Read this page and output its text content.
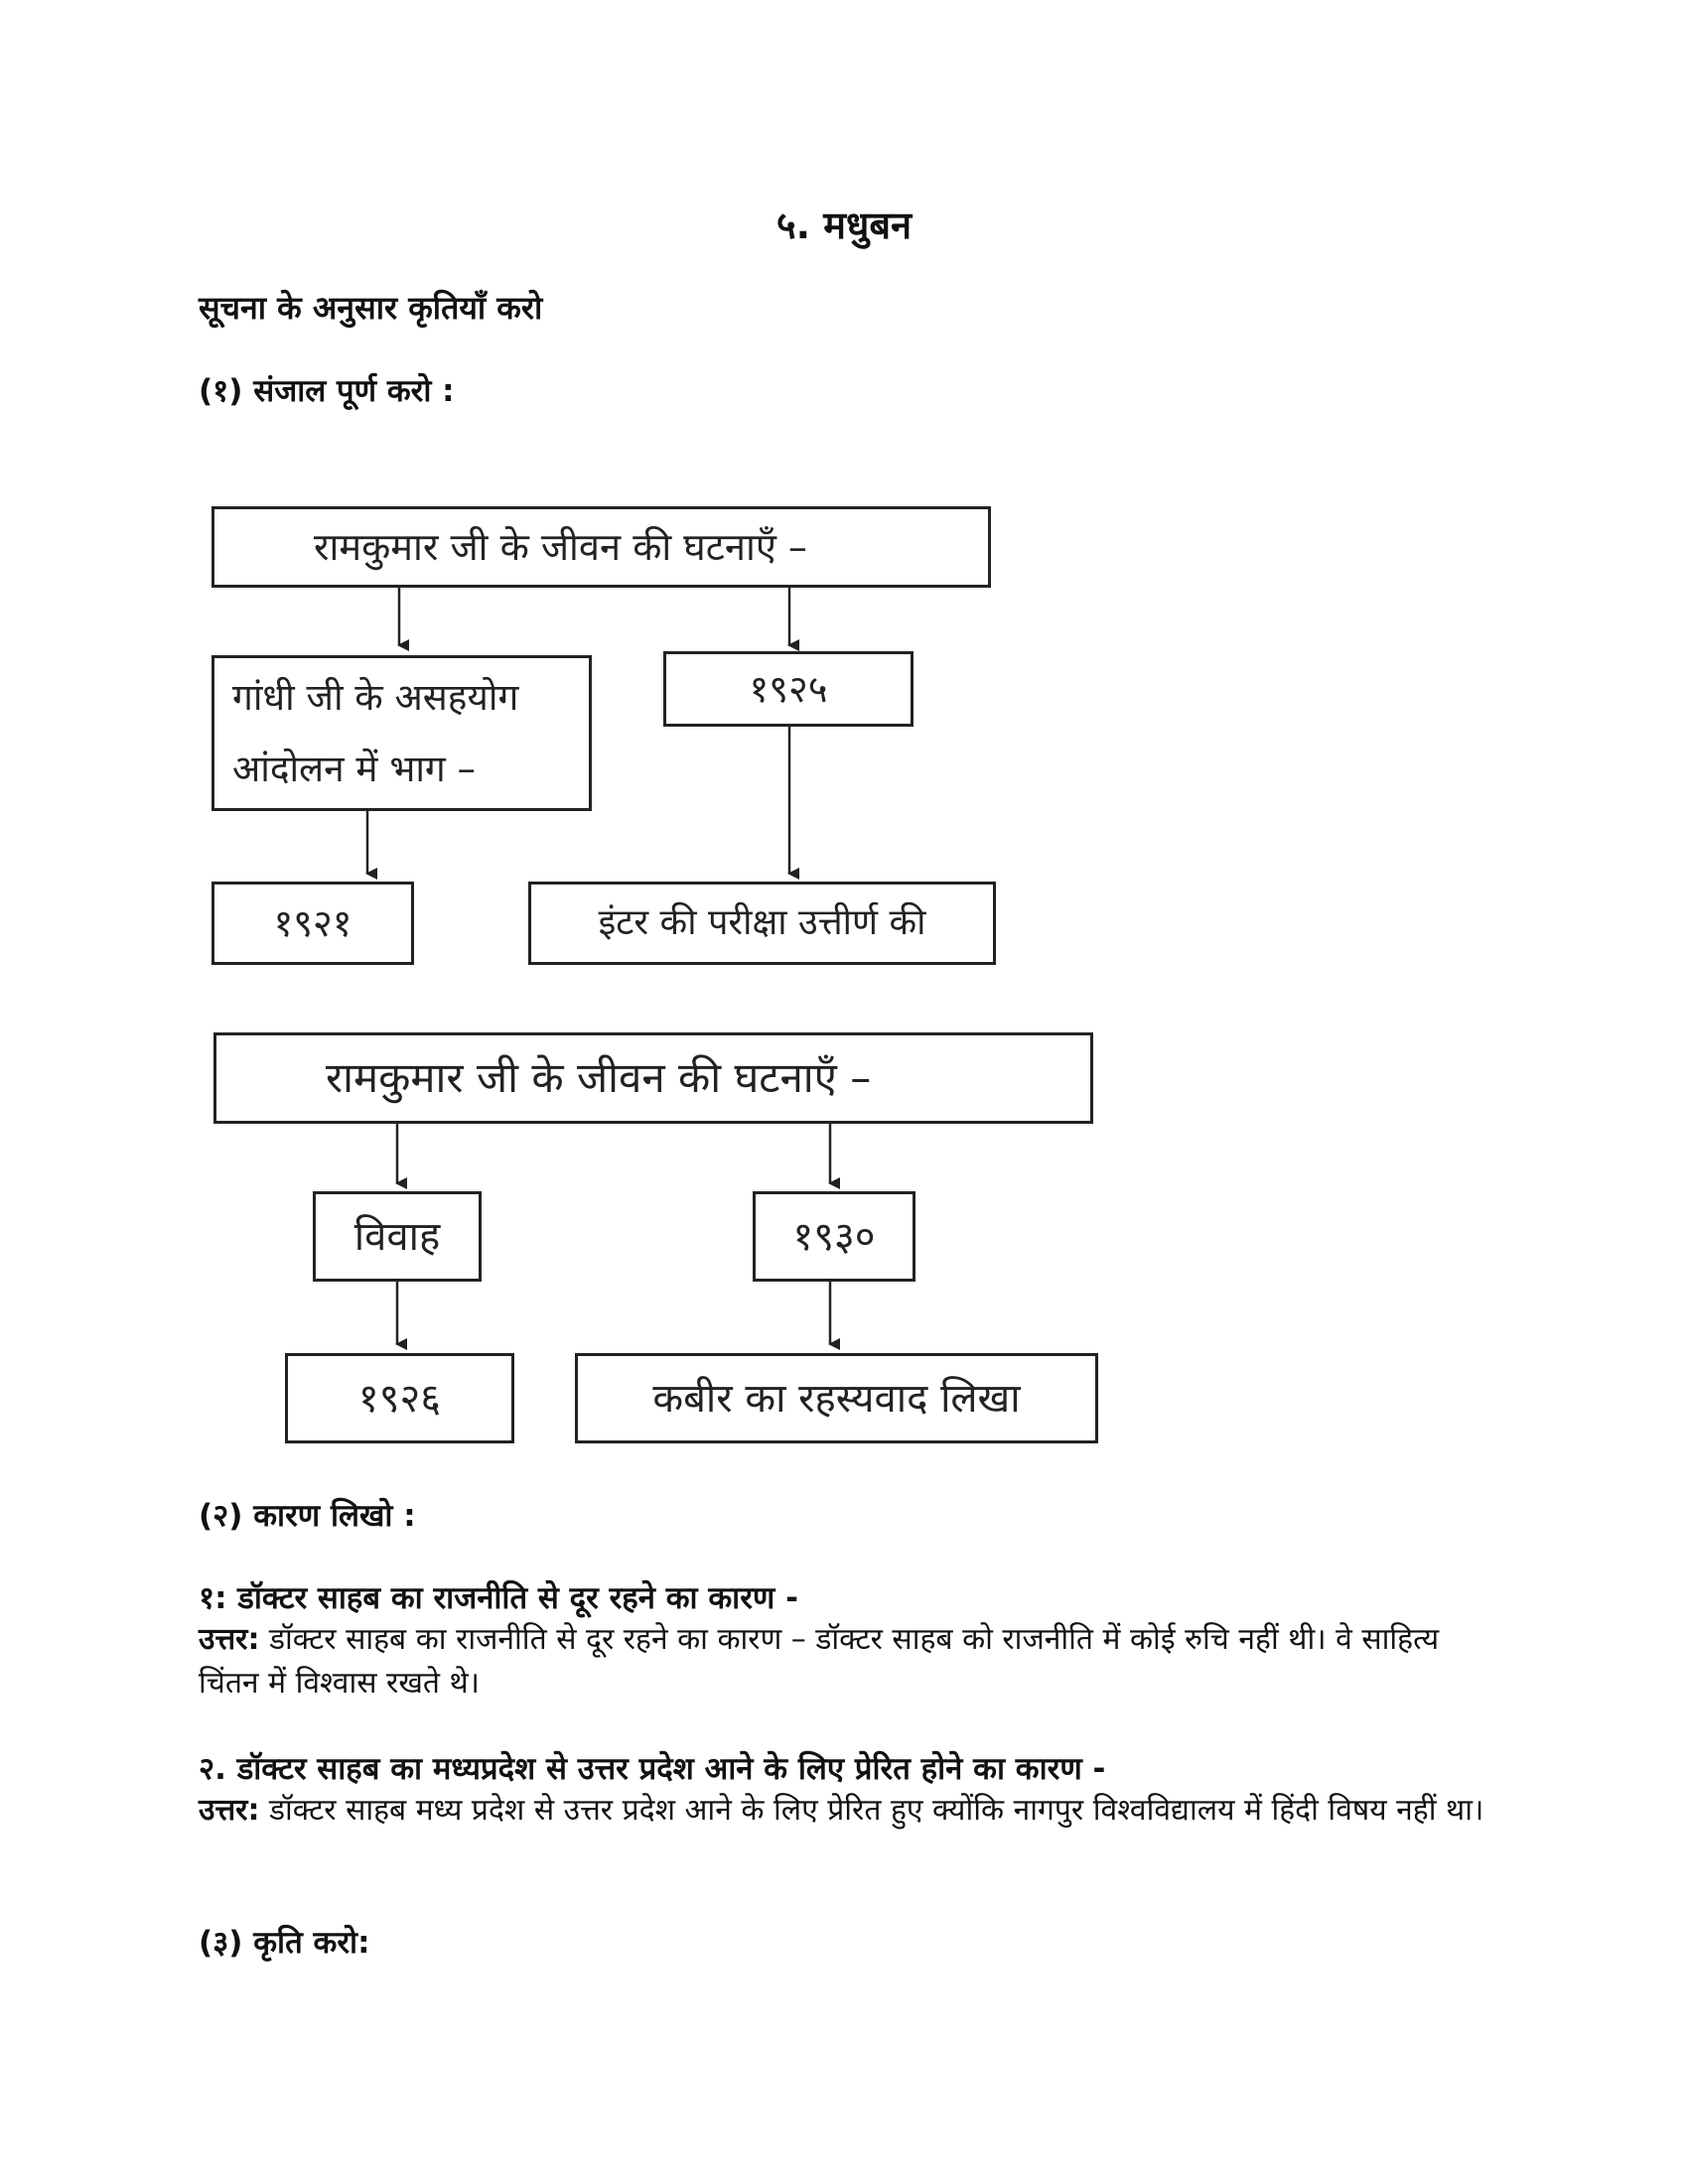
५. मधुबन
सूचना के अनुसार कृतियाँ करो
(१) संजाल पूर्ण करो :
रामकुमार जी के जीवन की घटनाएँ –
गांधी जी के असहयोग आंदोलन में भाग –
१९२५
१९२१	इंटर की परीक्षा उत्तीर्ण की
रामकुमार जी के जीवन की घटनाएँ –
विवाह	१९३०
१९२६	कबीर का रहस्यवाद लिखा
(२) कारण लिखो :
१: डॉक्टर साहब का राजनीति से दूर रहने का कारण -
उत्तर: डॉक्टर साहब का राजनीति से दूर रहने का कारण – डॉक्टर साहब को राजनीति में कोई रुचि नहीं थी। वे साहित्य चिंतन में विश्वास रखते थे।
२. डॉक्टर साहब का मध्यप्रदेश से उत्तर प्रदेश आने के लिए प्रेरित होने का कारण -
उत्तर: डॉक्टर साहब मध्य प्रदेश से उत्तर प्रदेश आने के लिए प्रेरित हुए क्योंकि नागपुर विश्वविद्यालय में हिंदी विषय नहीं था।
(३) कृति करो:
